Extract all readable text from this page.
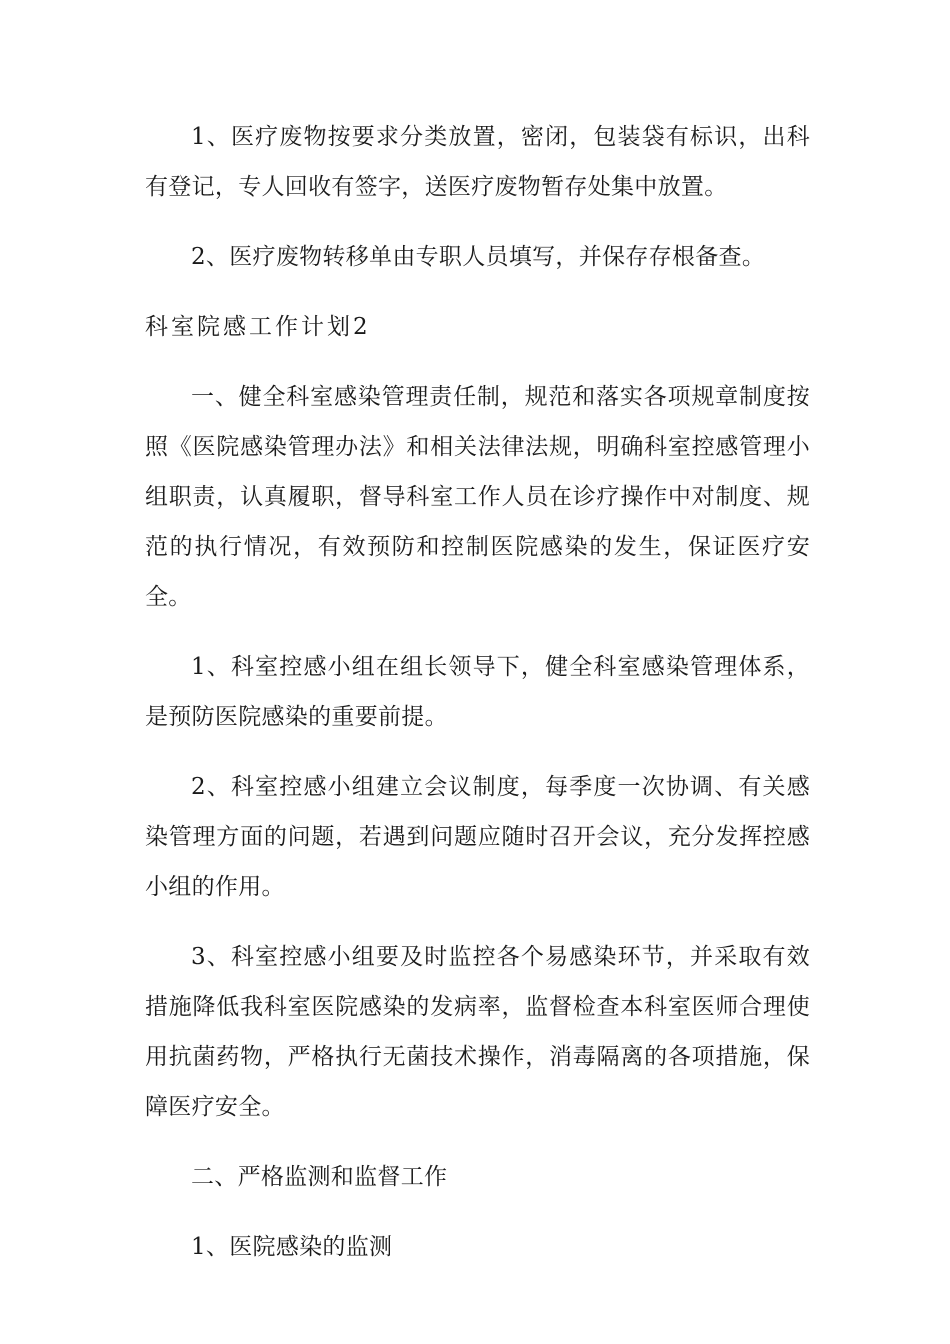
1、医疗废物按要求分类放置，密闭，包装袋有标识，出科有登记，专人回收有签字，送医疗废物暂存处集中放置。

2、医疗废物转移单由专职人员填写，并保存存根备查。

科室院感工作计划2

一、健全科室感染管理责任制，规范和落实各项规章制度按照《医院感染管理办法》和相关法律法规，明确科室控感管理小组职责，认真履职，督导科室工作人员在诊疗操作中对制度、规范的执行情况，有效预防和控制医院感染的发生，保证医疗安全。

1、科室控感小组在组长领导下，健全科室感染管理体系，是预防医院感染的重要前提。

2、科室控感小组建立会议制度，每季度一次协调、有关感染管理方面的问题，若遇到问题应随时召开会议，充分发挥控感小组的作用。

3、科室控感小组要及时监控各个易感染环节，并采取有效措施降低我科室医院感染的发病率，监督检查本科室医师合理使用抗菌药物，严格执行无菌技术操作，消毒隔离的各项措施，保障医疗安全。

二、严格监测和监督工作

1、医院感染的监测
